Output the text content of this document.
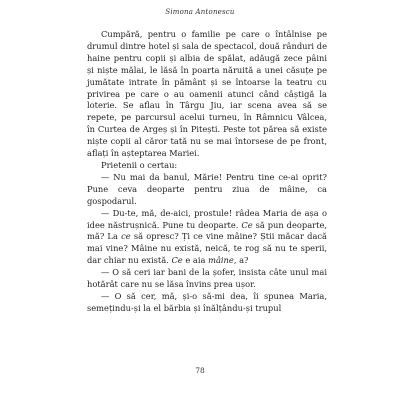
Simona Antonescu

Cumpără, pentru o familie pe care o întâlnise pe drumul dintre hotel și sala de spectacol, două rânduri de haine pentru copii și albia de spălat, adăugă zece pâini și niște mălai, le lăsă în poarta năruită a unei căsuțe pe jumătate intrate în pământ și se întoarse la teatru cu privirea pe care o au oamenii atunci când câștigă la loterie. Se aflau în Târgu Jiu, iar scena avea să se repete, pe parcursul acelui turneu, în Râmnicu Vâlcea, în Curtea de Argeș și în Pitești. Peste tot părea să existe niște copii al căror tată nu se mai întorsese de pe front, aflați în așteptarea Mariei.

Prietenii o certau:

— Nu mai da banul, Mărie! Pentru tine ce-ai oprit? Pune ceva deoparte pentru ziua de mâine, ca gospodarul.

— Du-te, mă, de-aici, prostule! râdea Maria de așa o idee năstrușnică. Pune tu deoparte. Ce să pun deoparte, mă? La ce să opresc? Ți ce vine mâine? Știi măcar dacă mai vine? Mâine nu există, neică, te rog să nu te sperii, dar chiar nu există. Ce e aia mâine, a?

— O să ceri iar bani de la șofer, insista câte unul mai hotărât care nu se lăsa învins prea ușor.

— O să cer, mă, și-o să-mi dea, îi spunea Maria, semețindu-și la el bărbia și înălțându-și trupul

78
